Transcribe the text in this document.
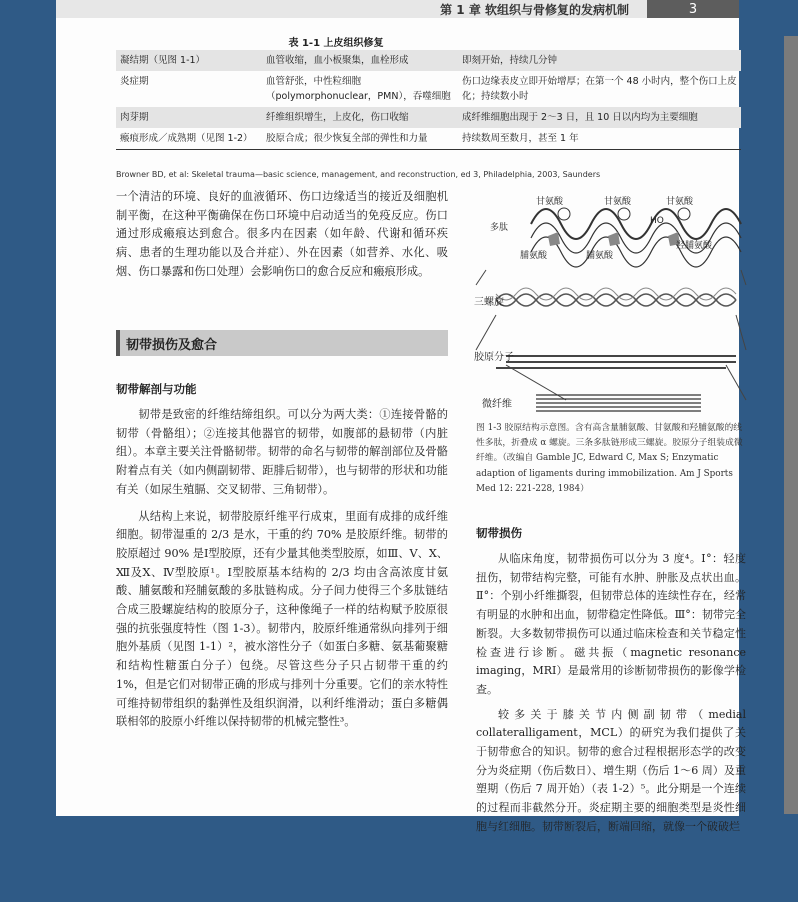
第 1 章 软组织与骨修复的发病机制	3
表 1-1 上皮组织修复
凝结期（见图 1-1）	血管收缩，血小板聚集，血栓形成	即刻开始，持续几分钟
炎症期	血管舒张，中性粒细胞（polymorphonuclear，PMN），吞噬细胞	伤口边缘表皮立即开始增厚；在第一个 48 小时内，整个伤口上皮化；持续数小时
肉芽期	纤维组织增生，上皮化，伤口收缩	成纤维细胞出现于 2～3 日，且 10 日以内均为主要细胞
瘢痕形成／成熟期（见图 1-2）	胶原合成；很少恢复全部的弹性和力量	持续数周至数月，甚至 1 年
Browner BD, et al: Skeletal trauma—basic science, management, and reconstruction, ed 3, Philadelphia, 2003, Saunders

一个清洁的环境、良好的血液循环、伤口边缘适当的接近及细胞机制平衡，在这种平衡确保在伤口环境中启动适当的免疫反应。伤口通过形成瘢痕达到愈合。很多内在因素（如年龄、代谢和循环疾病、患者的生理功能以及合并症）、外在因素（如营养、水化、吸烟、伤口暴露和伤口处理）会影响伤口的愈合反应和瘢痕形成。

韧带损伤及愈合
韧带解剖与功能

韧带是致密的纤维结缔组织。可以分为两大类：①连接骨骼的韧带（骨骼组）；②连接其他器官的韧带，如腹部的悬韧带（内脏组）。本章主要关注骨骼韧带。韧带的命名与韧带的解剖部位及骨骼附着点有关（如内侧副韧带、距腓后韧带），也与韧带的形状和功能有关（如尿生殖膈、交叉韧带、三角韧带）。

从结构上来说，韧带胶原纤维平行成束，里面有成排的成纤维细胞。韧带湿重的 2/3 是水，干重的约 70% 是胶原纤维。韧带的胶原超过 90% 是Ⅰ型胶原，还有少量其他类型胶原，如Ⅲ、Ⅴ、Ⅹ、Ⅻ及Ⅹ、Ⅳ型胶原¹。Ⅰ型胶原基本结构的 2/3 均由含高浓度甘氨酸、脯氨酸和羟脯氨酸的多肽链构成。分子间力使得三个多肽链结合成三股螺旋结构的胶原分子，这种像绳子一样的结构赋予胶原很强的抗张强度特性（图 1-3）。韧带内，胶原纤维通常纵向排列于细胞外基质（见图 1-1）²，被水溶性分子（如蛋白多糖、氨基葡聚糖和结构性糖蛋白分子）包绕。尽管这些分子只占韧带干重的约 1%，但是它们对韧带正确的形成与排列十分重要。它们的亲水特性可维持韧带组织的黏弹性及组织润滑，以利纤维滑动；蛋白多糖偶联相邻的胶原小纤维以保持韧带的机械完整性³。

甘氨酸	甘氨酸	甘氨酸
多肽
脯氨酸	脯氨酸
HO
羟脯氨酸
三螺旋
胶原分子
微纤维
图 1-3 胶原结构示意图。含有高含量脯氨酸、甘氨酸和羟脯氨酸的线性多肽，折叠成 α 螺旋。三条多肽链形成三螺旋。胶原分子组装成微纤维。（改编自 Gamble JC, Edward C, Max S; Enzymatic adaption of ligaments during immobilization. Am J Sports Med 12: 221-228, 1984）
韧带损伤

从临床角度，韧带损伤可以分为 3 度⁴。Ⅰ°：轻度扭伤，韧带结构完整，可能有水肿、肿胀及点状出血。Ⅱ°：个别小纤维撕裂，但韧带总体的连续性存在，经常有明显的水肿和出血，韧带稳定性降低。Ⅲ°：韧带完全断裂。大多数韧带损伤可以通过临床检查和关节稳定性检查进行诊断。磁共振（magnetic resonance imaging，MRI）是最常用的诊断韧带损伤的影像学检查。

较多关于膝关节内侧副韧带（medial collateralligament，MCL）的研究为我们提供了关于韧带愈合的知识。韧带的愈合过程根据形态学的改变分为炎症期（伤后数日）、增生期（伤后 1～6 周）及重塑期（伤后 7 周开始）（表 1-2）⁵。此分期是一个连续的过程而非截然分开。炎症期主要的细胞类型是炎性细胞与红细胞。韧带断裂后，断端回缩，就像一个破破烂
